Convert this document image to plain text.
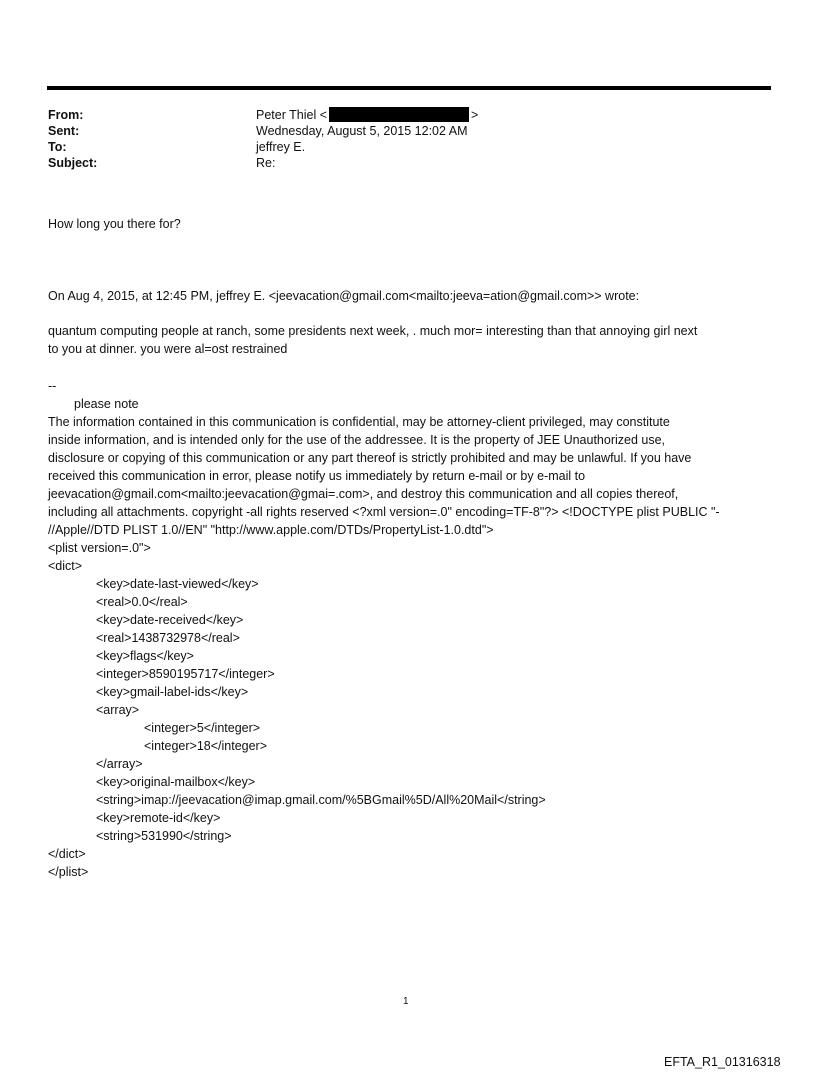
From:	Peter Thiel <	>
Sent:	Wednesday, August 5, 2015 12:02 AM
To:	jeffrey E.
Subject:	Re:
How long you there for?
On Aug 4, 2015, at 12:45 PM, jeffrey E. <jeevacation@gmail.com<mailto:jeeva=ation@gmail.com>> wrote:
quantum computing people at ranch, some presidents next week, . much mor= interesting than that annoying girl next
to you at dinner. you were al=ost restrained
--
please note
The information contained in this communication is confidential, may be attorney-client privileged, may constitute
inside information, and is intended only for the use of the addressee. It is the property of JEE Unauthorized use,
disclosure or copying of this communication or any part thereof is strictly prohibited and may be unlawful. If you have
received this communication in error, please notify us immediately by return e-mail or by e-mail to
jeevacation@gmail.com<mailto:jeevacation@gmai=.com>, and destroy this communication and all copies thereof,
including all attachments. copyright -all rights reserved <?xml version=.0" encoding=TF-8"?> <!DOCTYPE plist PUBLIC "-
//Apple//DTD PLIST 1.0//EN" "http://www.apple.com/DTDs/PropertyList-1.0.dtd">
<plist version=.0">
<dict>
<key>date-last-viewed</key>
<real>0.0</real>
<key>date-received</key>
<real>1438732978</real>
<key>flags</key>
<integer>8590195717</integer>
<key>gmail-label-ids</key>
<array>
<integer>5</integer>
<integer>18</integer>
</array>
<key>original-mailbox</key>
<string>imap://jeevacation@imap.gmail.com/%5BGmail%5D/All%20Mail</string>
<key>remote-id</key>
<string>531990</string>
</dict>
</plist>
1
EFTA_R1_01316318
